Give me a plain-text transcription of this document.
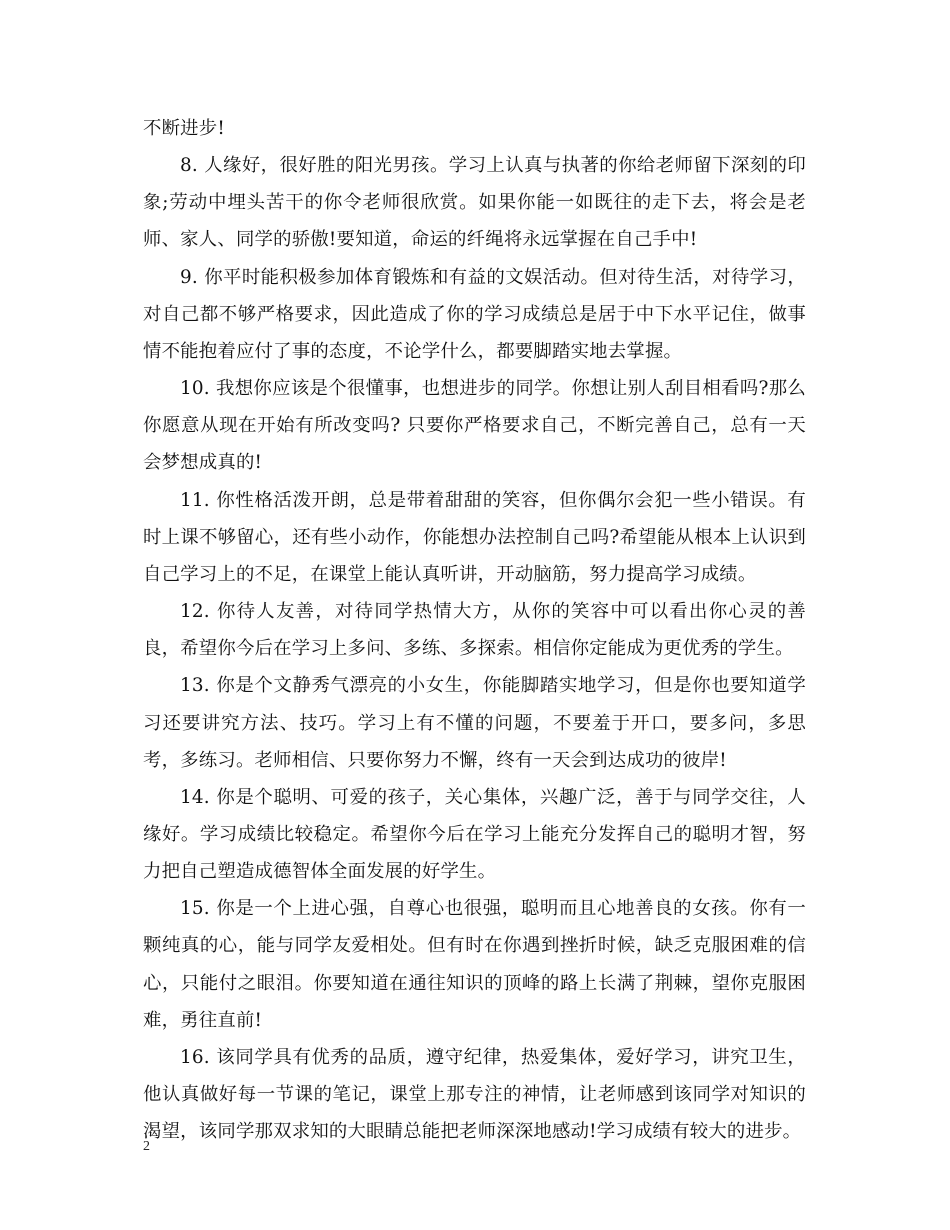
不断进步!

8. 人缘好，很好胜的阳光男孩。学习上认真与执著的你给老师留下深刻的印象;劳动中埋头苦干的你令老师很欣赏。如果你能一如既往的走下去，将会是老师、家人、同学的骄傲!要知道，命运的纤绳将永远掌握在自己手中!

9. 你平时能积极参加体育锻炼和有益的文娱活动。但对待生活，对待学习，对自己都不够严格要求，因此造成了你的学习成绩总是居于中下水平记住，做事情不能抱着应付了事的态度，不论学什么，都要脚踏实地去掌握。

10. 我想你应该是个很懂事，也想进步的同学。你想让别人刮目相看吗?那么你愿意从现在开始有所改变吗? 只要你严格要求自己，不断完善自己，总有一天会梦想成真的!

11. 你性格活泼开朗，总是带着甜甜的笑容，但你偶尔会犯一些小错误。有时上课不够留心，还有些小动作，你能想办法控制自己吗?希望能从根本上认识到自己学习上的不足，在课堂上能认真听讲，开动脑筋，努力提高学习成绩。

12. 你待人友善，对待同学热情大方，从你的笑容中可以看出你心灵的善良，希望你今后在学习上多问、多练、多探索。相信你定能成为更优秀的学生。

13. 你是个文静秀气漂亮的小女生，你能脚踏实地学习，但是你也要知道学习还要讲究方法、技巧。学习上有不懂的问题，不要羞于开口，要多问，多思考，多练习。老师相信、只要你努力不懈，终有一天会到达成功的彼岸!

14. 你是个聪明、可爱的孩子，关心集体，兴趣广泛，善于与同学交往，人缘好。学习成绩比较稳定。希望你今后在学习上能充分发挥自己的聪明才智，努力把自己塑造成德智体全面发展的好学生。

15. 你是一个上进心强，自尊心也很强，聪明而且心地善良的女孩。你有一颗纯真的心，能与同学友爱相处。但有时在你遇到挫折时候，缺乏克服困难的信心，只能付之眼泪。你要知道在通往知识的顶峰的路上长满了荆棘，望你克服困难，勇往直前!

16. 该同学具有优秀的品质，遵守纪律，热爱集体，爱好学习，讲究卫生，他认真做好每一节课的笔记，课堂上那专注的神情，让老师感到该同学对知识的渴望，该同学那双求知的大眼睛总能把老师深深地感动!学习成绩有较大的进步。

2
